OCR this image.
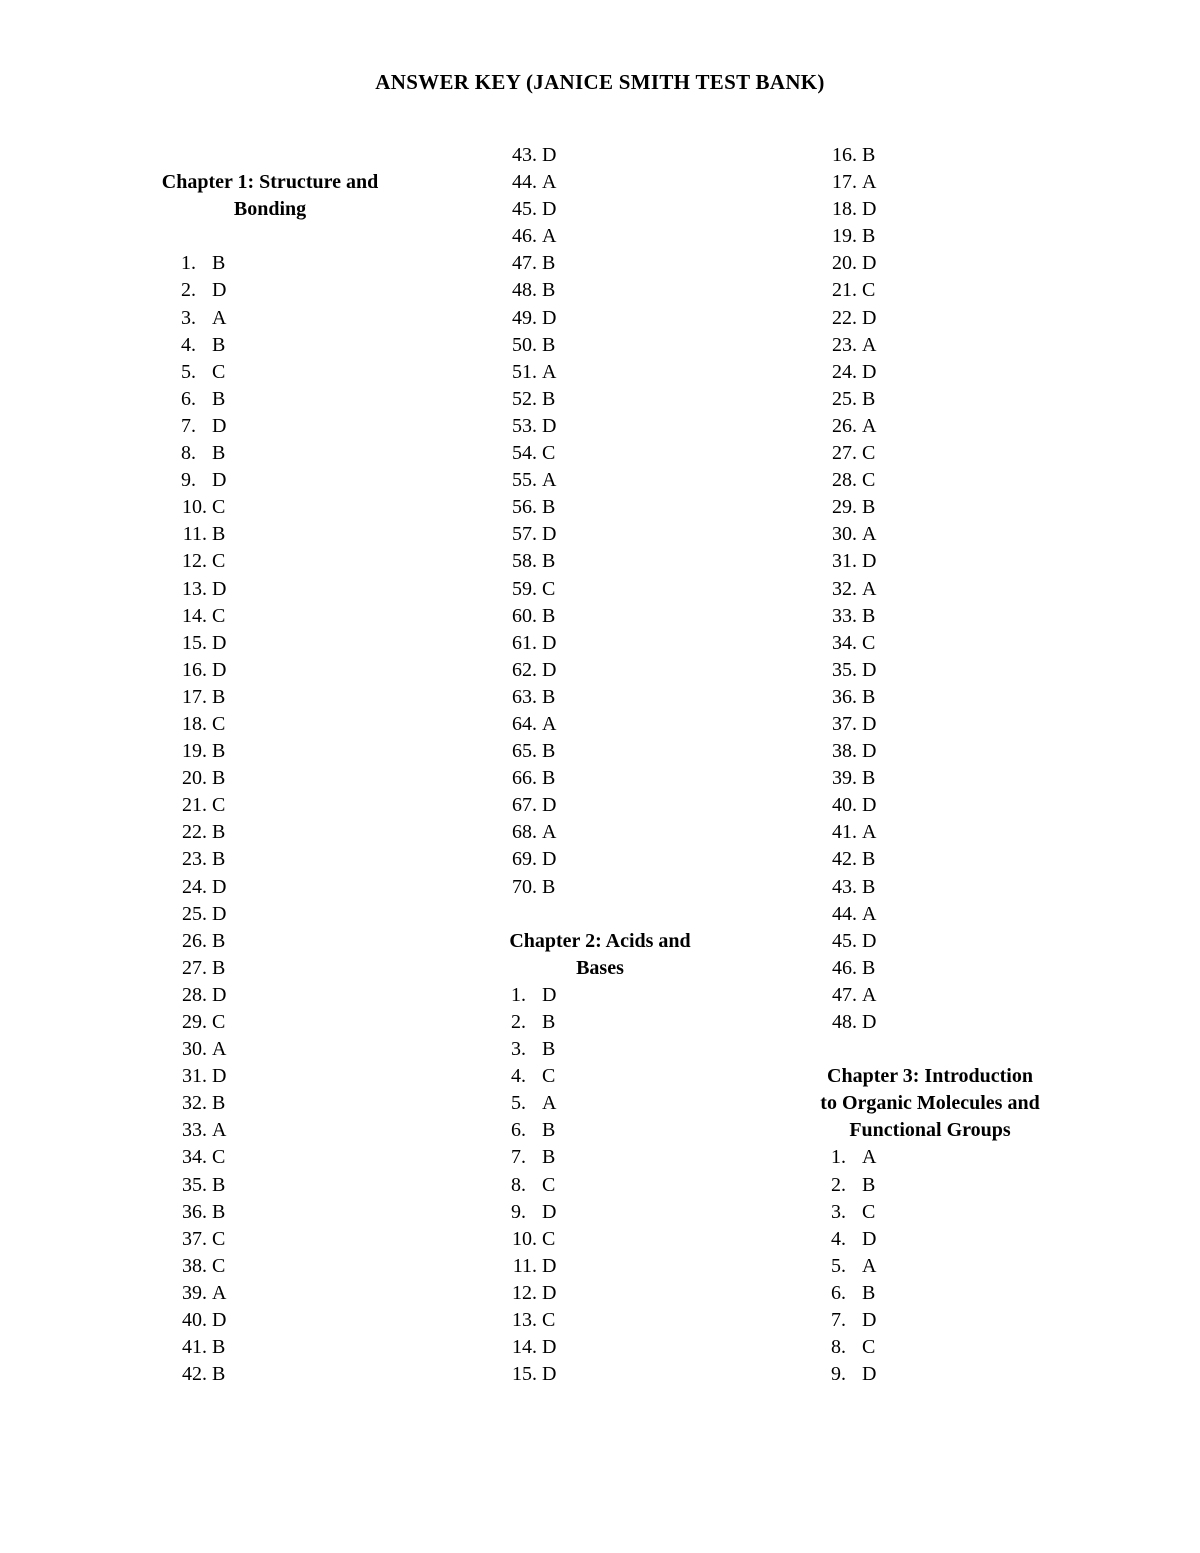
ANSWER KEY (JANICE SMITH TEST BANK)
Chapter 1: Structure and
Bonding
1. B
2. D
3. A
4. B
5. C
6. B
7. D
8. B
9. D
10. C
11. B
12. C
13. D
14. C
15. D
16. D
17. B
18. C
19. B
20. B
21. C
22. B
23. B
24. D
25. D
26. B
27. B
28. D
29. C
30. A
31. D
32. B
33. A
34. C
35. B
36. B
37. C
38. C
39. A
40. D
41. B
42. B
43. D
44. A
45. D
46. A
47. B
48. B
49. D
50. B
51. A
52. B
53. D
54. C
55. A
56. B
57. D
58. B
59. C
60. B
61. D
62. D
63. B
64. A
65. B
66. B
67. D
68. A
69. D
70. B
Chapter 2: Acids and
Bases
1. D
2. B
3. B
4. C
5. A
6. B
7. B
8. C
9. D
10. C
11. D
12. D
13. C
14. D
15. D
16. B
17. A
18. D
19. B
20. D
21. C
22. D
23. A
24. D
25. B
26. A
27. C
28. C
29. B
30. A
31. D
32. A
33. B
34. C
35. D
36. B
37. D
38. D
39. B
40. D
41. A
42. B
43. B
44. A
45. D
46. B
47. A
48. D
Chapter 3: Introduction
to Organic Molecules and
Functional Groups
1. A
2. B
3. C
4. D
5. A
6. B
7. D
8. C
9. D
